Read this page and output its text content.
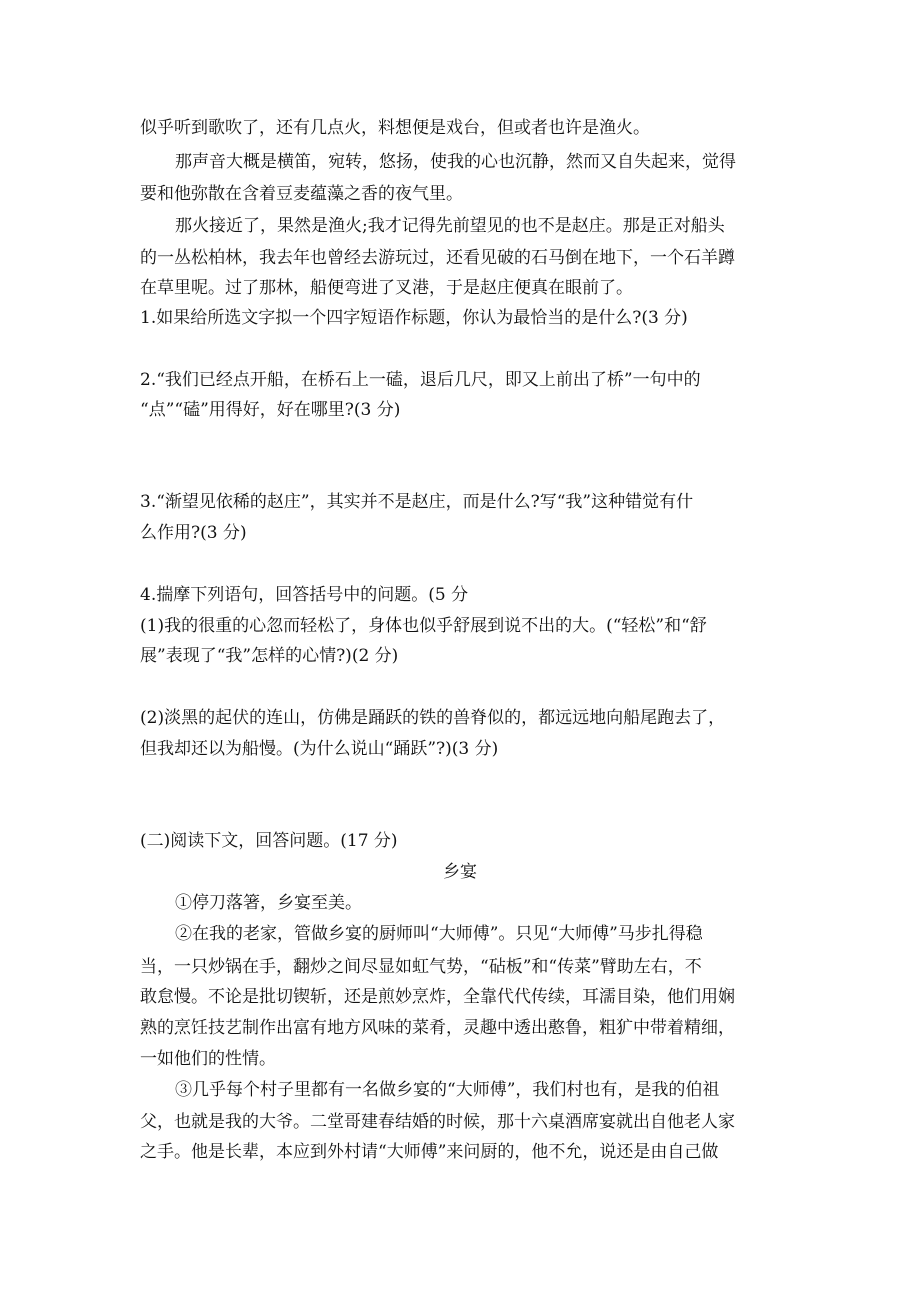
似乎听到歌吹了，还有几点火，料想便是戏台，但或者也许是渔火。
那声音大概是横笛，宛转，悠扬，使我的心也沉静，然而又自失起来，觉得
要和他弥散在含着豆麦蕴藻之香的夜气里。
那火接近了，果然是渔火;我才记得先前望见的也不是赵庄。那是正对船头
的一丛松柏林，我去年也曾经去游玩过，还看见破的石马倒在地下，一个石羊蹲
在草里呢。过了那林，船便弯进了叉港，于是赵庄便真在眼前了。
1.如果给所选文字拟一个四字短语作标题，你认为最恰当的是什么?(3 分)
2.“我们已经点开船，在桥石上一磕，退后几尺，即又上前出了桥”一句中的
“点”“磕”用得好，好在哪里?(3 分)
3.“渐望见依稀的赵庄”，其实并不是赵庄，而是什么?写“我”这种错觉有什
么作用?(3 分)
4.揣摩下列语句，回答括号中的问题。(5 分
(1)我的很重的心忽而轻松了，身体也似乎舒展到说不出的大。(“轻松”和“舒
展”表现了“我”怎样的心情?)(2 分)
(2)淡黑的起伏的连山，仿佛是踊跃的铁的兽脊似的，都远远地向船尾跑去了，
但我却还以为船慢。(为什么说山“踊跃”?)(3 分)
(二)阅读下文，回答问题。(17 分)
乡宴
①停刀落箸，乡宴至美。
②在我的老家，管做乡宴的厨师叫“大师傅”。只见“大师傅”马步扎得稳
当，一只炒锅在手，翻炒之间尽显如虹气势，“砧板”和“传菜”臂助左右，不
敢怠慢。不论是批切锲斩，还是煎妙烹炸，全靠代代传续，耳濡目染，他们用娴
熟的烹饪技艺制作出富有地方风味的菜肴，灵趣中透出憨鲁，粗犷中带着精细，
一如他们的性情。
③几乎每个村子里都有一名做乡宴的“大师傅”，我们村也有，是我的伯祖
父，也就是我的大爷。二堂哥建春结婚的时候，那十六桌酒席宴就出自他老人家
之手。他是长辈，本应到外村请“大师傅”来问厨的，他不允，说还是由自己做
